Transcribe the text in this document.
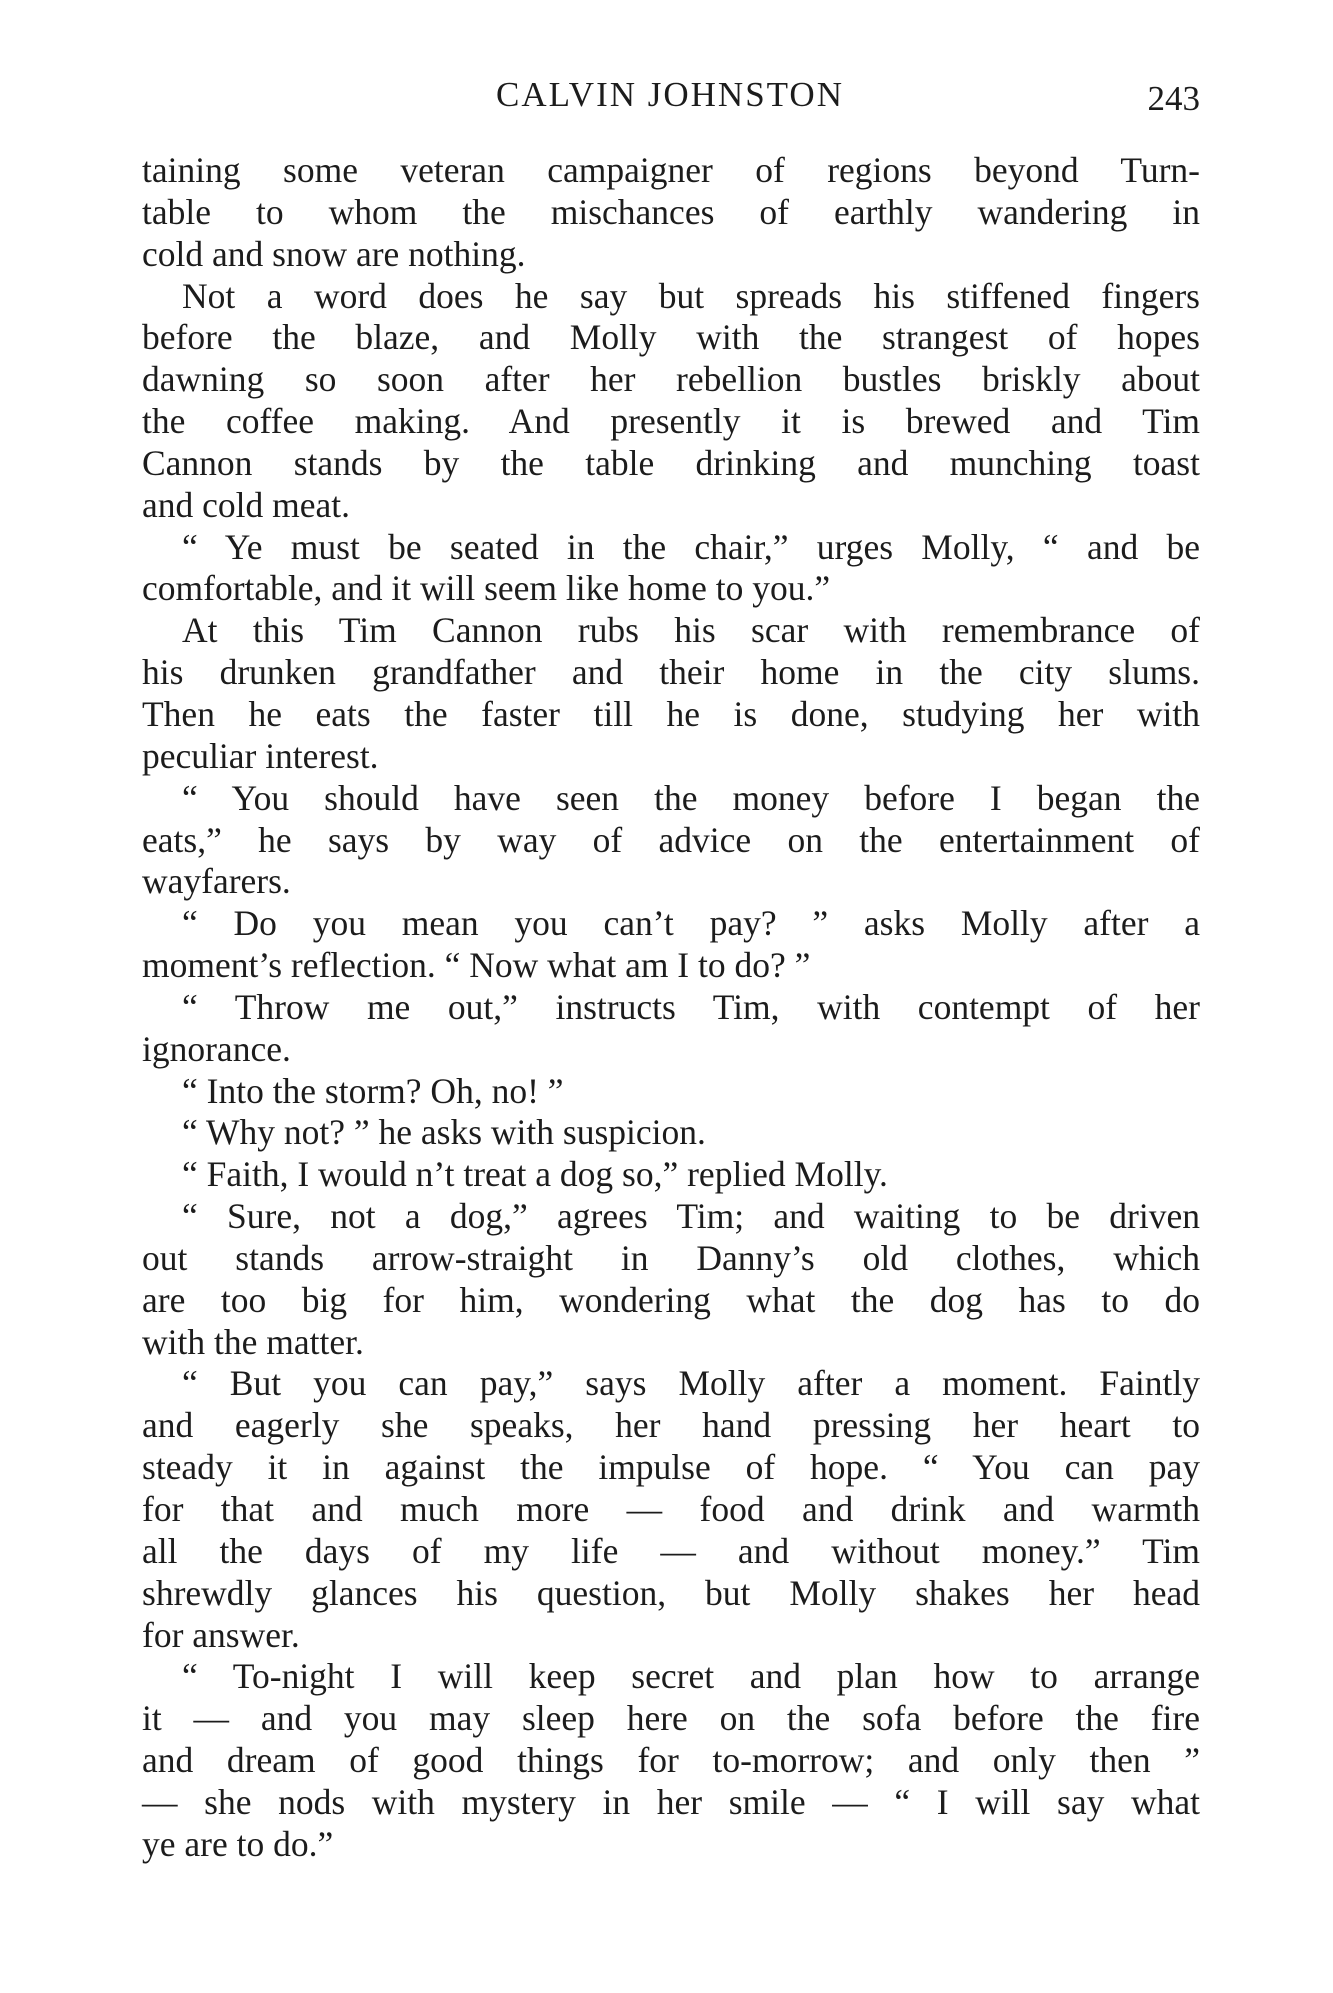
CALVIN JOHNSTON	243
taining some veteran campaigner of regions beyond Turn-
table to whom the mischances of earthly wandering in
cold and snow are nothing.
Not a word does he say but spreads his stiffened fingers
before the blaze, and Molly with the strangest of hopes
dawning so soon after her rebellion bustles briskly about
the coffee making. And presently it is brewed and Tim
Cannon stands by the table drinking and munching toast
and cold meat.
“ Ye must be seated in the chair,” urges Molly, “ and be
comfortable, and it will seem like home to you.”
At this Tim Cannon rubs his scar with remembrance of
his drunken grandfather and their home in the city slums.
Then he eats the faster till he is done, studying her with
peculiar interest.
“ You should have seen the money before I began the
eats,” he says by way of advice on the entertainment of
wayfarers.
“ Do you mean you can’t pay? ” asks Molly after a
moment’s reflection. “ Now what am I to do? ”
“ Throw me out,” instructs Tim, with contempt of her
ignorance.
“ Into the storm? Oh, no! ”
“ Why not? ” he asks with suspicion.
“ Faith, I would n’t treat a dog so,” replied Molly.
“ Sure, not a dog,” agrees Tim; and waiting to be driven
out stands arrow-straight in Danny’s old clothes, which
are too big for him, wondering what the dog has to do
with the matter.
“ But you can pay,” says Molly after a moment. Faintly
and eagerly she speaks, her hand pressing her heart to
steady it in against the impulse of hope. “ You can pay
for that and much more — food and drink and warmth
all the days of my life — and without money.” Tim
shrewdly glances his question, but Molly shakes her head
for answer.
“ To-night I will keep secret and plan how to arrange
it — and you may sleep here on the sofa before the fire
and dream of good things for to-morrow; and only then ”
— she nods with mystery in her smile — “ I will say what
ye are to do.”
